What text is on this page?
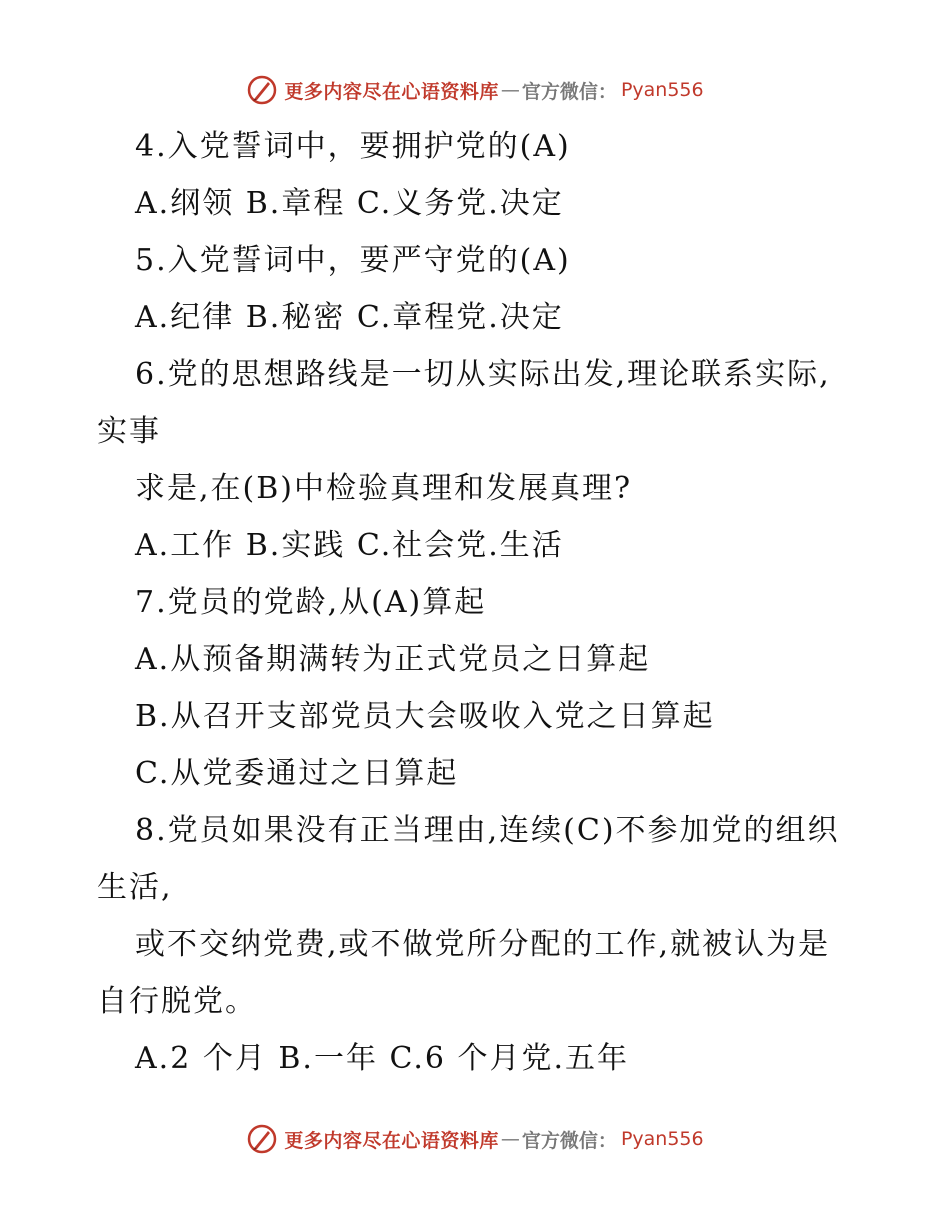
更多内容尽在心语资料库 — 官方微信： Pyan556

4.入党誓词中，要拥护党的(A)

A.纲领 B.章程 C.义务党.决定

5.入党誓词中，要严守党的(A)

A.纪律 B.秘密 C.章程党.决定

6.党的思想路线是一切从实际出发,理论联系实际,实事

求是,在(B)中检验真理和发展真理?

A.工作 B.实践 C.社会党.生活

7.党员的党龄,从(A)算起

A.从预备期满转为正式党员之日算起

B.从召开支部党员大会吸收入党之日算起

C.从党委通过之日算起

8.党员如果没有正当理由,连续(C)不参加党的组织生活,

或不交纳党费,或不做党所分配的工作,就被认为是自行脱党。

A.2 个月 B.一年 C.6 个月党.五年

更多内容尽在心语资料库 — 官方微信： Pyan556
